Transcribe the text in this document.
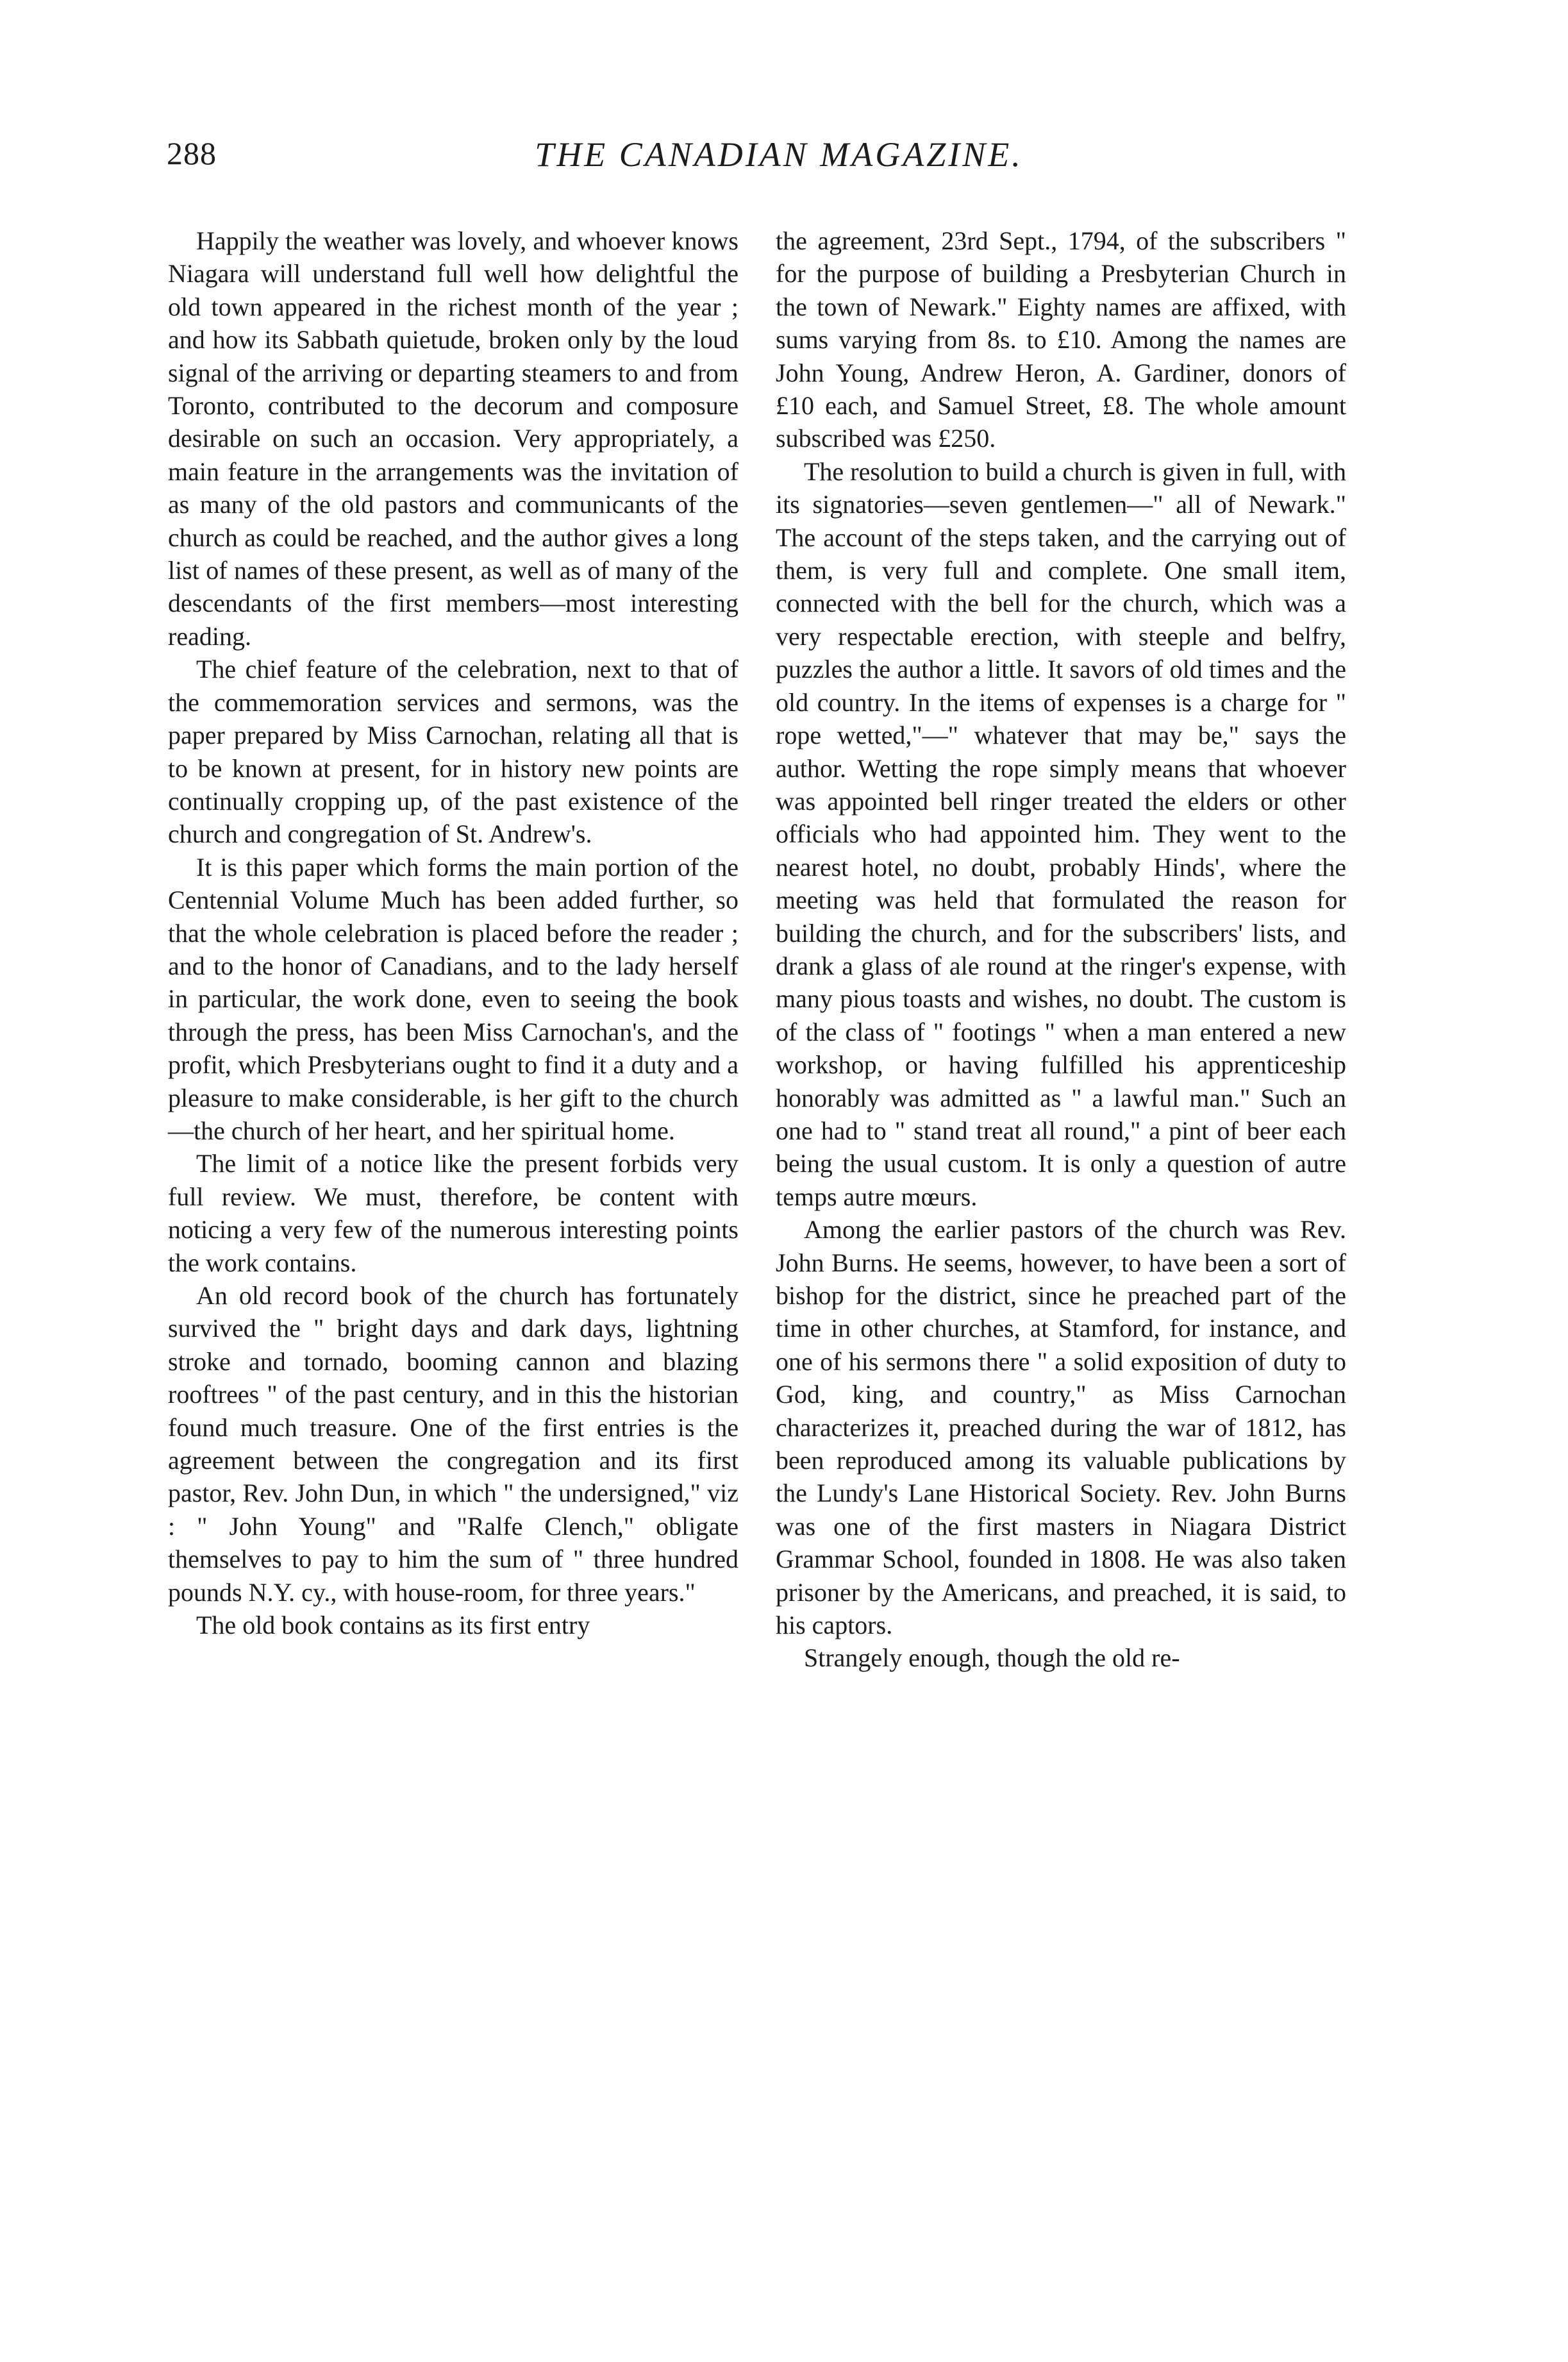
288	THE CANADIAN MAGAZINE.

Happily the weather was lovely, and whoever knows Niagara will understand full well how delightful the old town appeared in the richest month of the year ; and how its Sabbath quietude, broken only by the loud signal of the arriving or departing steamers to and from Toronto, contributed to the decorum and composure desirable on such an occasion. Very appropriately, a main feature in the arrangements was the invitation of as many of the old pastors and communicants of the church as could be reached, and the author gives a long list of names of these present, as well as of many of the descendants of the first members—most interesting reading.

The chief feature of the celebration, next to that of the commemoration services and sermons, was the paper prepared by Miss Carnochan, relating all that is to be known at present, for in history new points are continually cropping up, of the past existence of the church and congregation of St. Andrew's.

It is this paper which forms the main portion of the Centennial Volume Much has been added further, so that the whole celebration is placed before the reader ; and to the honor of Canadians, and to the lady herself in particular, the work done, even to seeing the book through the press, has been Miss Carnochan's, and the profit, which Presbyterians ought to find it a duty and a pleasure to make considerable, is her gift to the church—the church of her heart, and her spiritual home.

The limit of a notice like the present forbids very full review. We must, therefore, be content with noticing a very few of the numerous interesting points the work contains.

An old record book of the church has fortunately survived the " bright days and dark days, lightning stroke and tornado, booming cannon and blazing rooftrees " of the past century, and in this the historian found much treasure. One of the first entries is the agreement between the congregation and its first pastor, Rev. John Dun, in which " the undersigned," viz : " John Young" and "Ralfe Clench," obligate themselves to pay to him the sum of " three hundred pounds N.Y. cy., with house-room, for three years."

The old book contains as its first entry

the agreement, 23rd Sept., 1794, of the subscribers " for the purpose of building a Presbyterian Church in the town of Newark." Eighty names are affixed, with sums varying from 8s. to £10. Among the names are John Young, Andrew Heron, A. Gardiner, donors of £10 each, and Samuel Street, £8. The whole amount subscribed was £250.

The resolution to build a church is given in full, with its signatories—seven gentlemen—" all of Newark." The account of the steps taken, and the carrying out of them, is very full and complete. One small item, connected with the bell for the church, which was a very respectable erection, with steeple and belfry, puzzles the author a little. It savors of old times and the old country. In the items of expenses is a charge for " rope wetted,"—" whatever that may be," says the author. Wetting the rope simply means that whoever was appointed bell ringer treated the elders or other officials who had appointed him. They went to the nearest hotel, no doubt, probably Hinds', where the meeting was held that formulated the reason for building the church, and for the subscribers' lists, and drank a glass of ale round at the ringer's expense, with many pious toasts and wishes, no doubt. The custom is of the class of " footings " when a man entered a new workshop, or having fulfilled his apprenticeship honorably was admitted as " a lawful man." Such an one had to " stand treat all round," a pint of beer each being the usual custom. It is only a question of autre temps autre mœurs.

Among the earlier pastors of the church was Rev. John Burns. He seems, however, to have been a sort of bishop for the district, since he preached part of the time in other churches, at Stamford, for instance, and one of his sermons there " a solid exposition of duty to God, king, and country," as Miss Carnochan characterizes it, preached during the war of 1812, has been reproduced among its valuable publications by the Lundy's Lane Historical Society. Rev. John Burns was one of the first masters in Niagara District Grammar School, founded in 1808. He was also taken prisoner by the Americans, and preached, it is said, to his captors.

Strangely enough, though the old re-
